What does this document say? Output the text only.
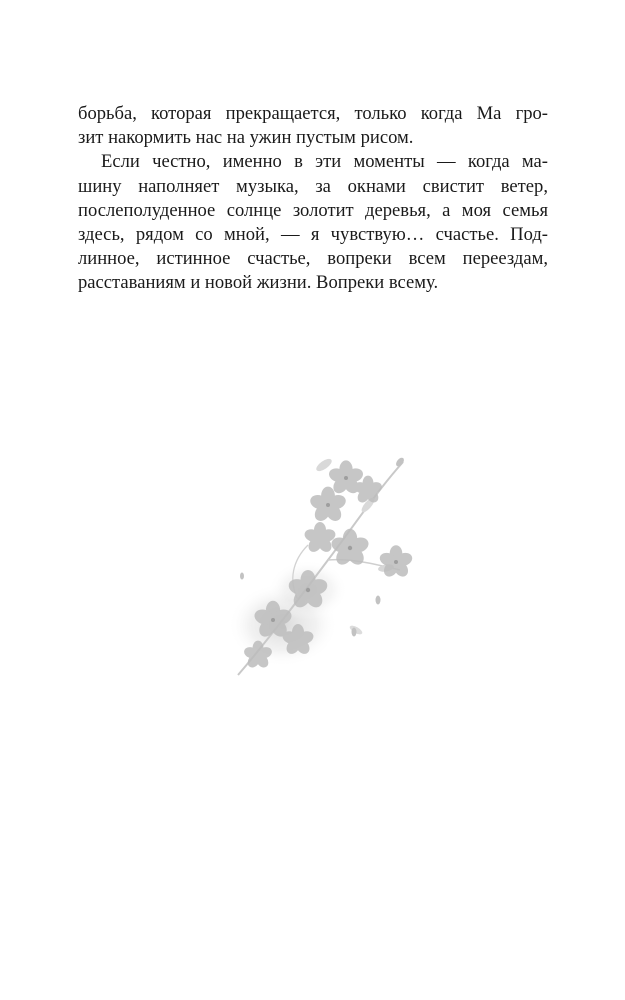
борьба, которая прекращается, только когда Ма гро-
зит накормить нас на ужин пустым рисом.
Если честно, именно в эти моменты — когда ма-
шину наполняет музыка, за окнами свистит ветер,
послеполуденное солнце золотит деревья, а моя семья
здесь, рядом со мной, — я чувствую… счастье. Под-
линное, истинное счастье, вопреки всем переездам,
расставаниям и новой жизни. Вопреки всему.
